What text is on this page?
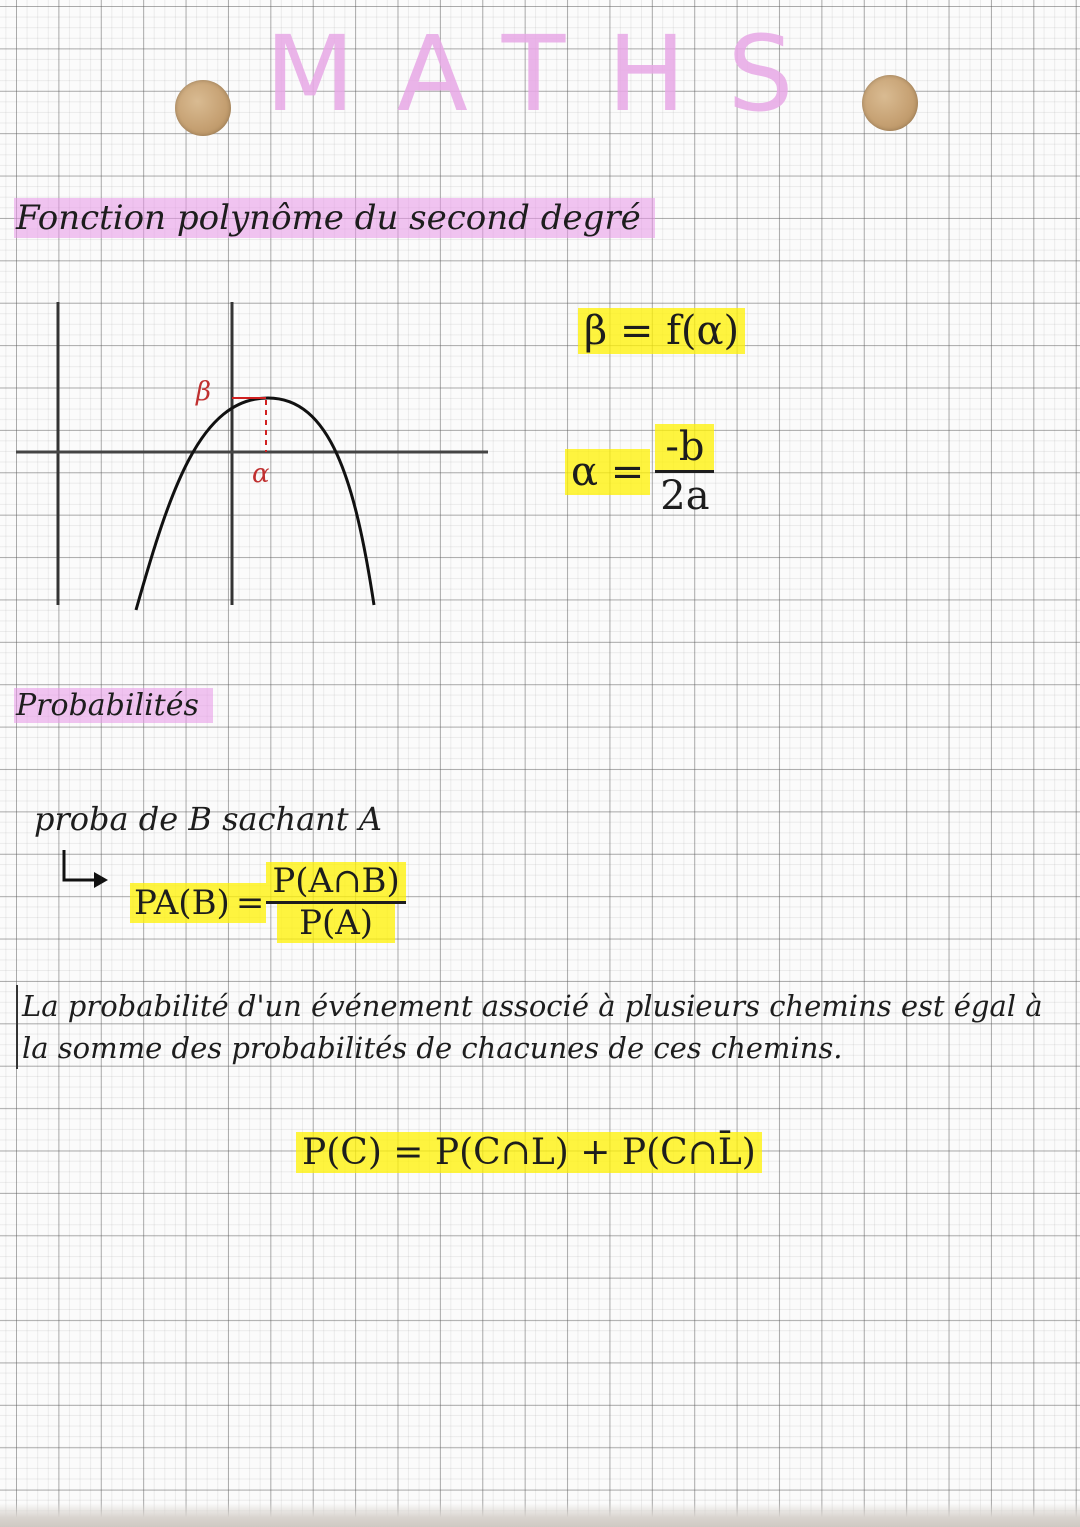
MATHS
Fonction polynôme du second degré
β
α
β = f(α)
$\alpha = \frac{-b}{2a}$
Probabilités
proba de B sachant A
$PA(B) = \frac{P(A\cap B)}{P(A)}$
La probabilité d'un événement associé à plusieurs chemins est égal à la somme des probabilités de chacunes de ces chemins.
P(C) = P(C∩L) + P(C∩L̄)
